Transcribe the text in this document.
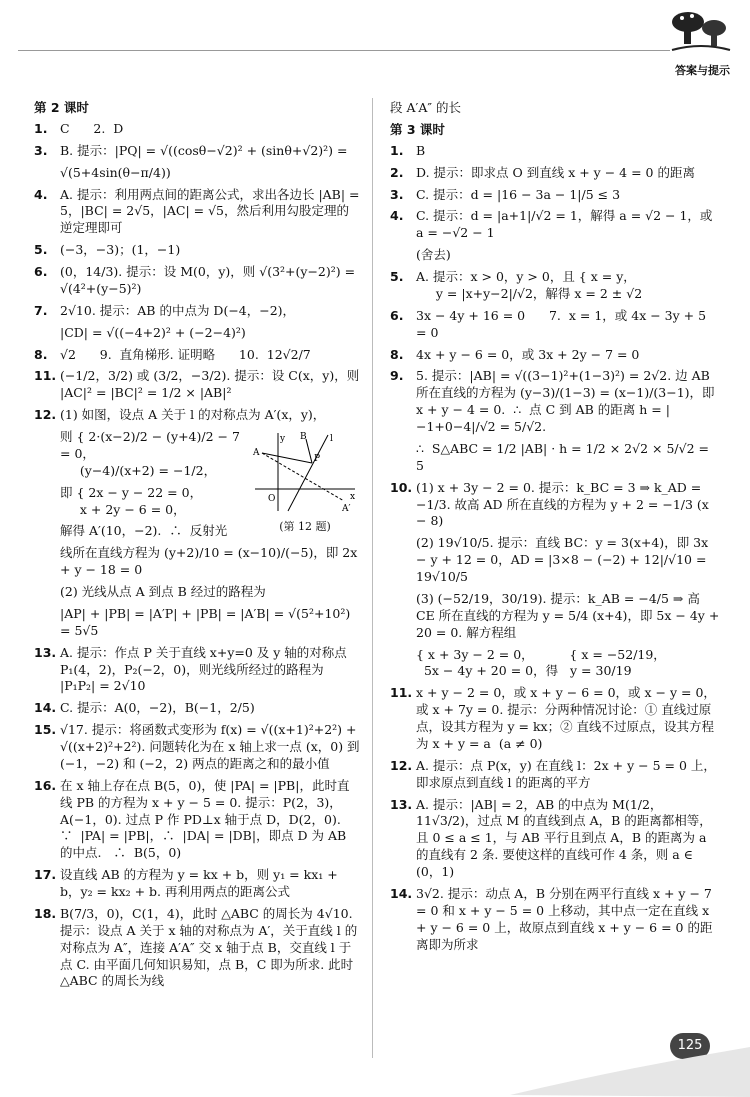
答案与提示
第 2 课时
1.	C      2.  D
3.	B. 提示：|PQ| = √((cosθ−√2)² + (sinθ+√2)²) =
√(5+4sin(θ−π/4))
4.	A. 提示：利用两点间的距离公式，求出各边长 |AB| = 5，|BC| = 2√5，|AC| = √5，然后利用勾股定理的逆定理即可
5.	(−3，−3)；(1，−1)
6.	(0，14/3). 提示：设 M(0，y)，则 √(3²+(y−2)²) = √(4²+(y−5)²)
7.	2√10. 提示：AB 的中点为 D(−4，−2)，
|CD| = √((−4+2)² + (−2−4)²)
8.	√2      9.  直角梯形. 证明略      10.  12√2/7
11. (−1/2，3/2) 或 (3/2，−3/2). 提示：设 C(x，y)，则 |AC|² = |BC|² = 1/2 × |AB|²
12. (1) 如图，设点 A 关于 l 的对称点为 A′(x，y)，
y
x
O
A
A′
B
P
l
(第 12 题)
则 { 2·(x−2)/2 − (y+4)/2 − 7 = 0，
(y−4)/(x+2) = −1/2，
即 { 2x − y − 22 = 0，
x + 2y − 6 = 0，
解得 A′(10，−2).  ∴  反射光
线所在直线方程为 (y+2)/10 = (x−10)/(−5)，即 2x + y − 18 = 0
(2) 光线从点 A 到点 B 经过的路程为
|AP| + |PB| = |A′P| + |PB| = |A′B| = √(5²+10²) = 5√5
13. A. 提示：作点 P 关于直线 x+y=0 及 y 轴的对称点 P₁(4，2)，P₂(−2，0)，则光线所经过的路程为 |P₁P₂| = 2√10
14. C. 提示：A(0，−2)，B(−1，2/5)
15. √17. 提示：将函数式变形为 f(x) = √((x+1)²+2²) + √((x+2)²+2²). 问题转化为在 x 轴上求一点 (x，0) 到 (−1，−2) 和 (−2，2) 两点的距离之和的最小值
16. 在 x 轴上存在点 B(5，0)，使 |PA| = |PB|，此时直线 PB 的方程为 x + y − 5 = 0. 提示：P(2，3)，A(−1，0). 过点 P 作 PD⊥x 轴于点 D，D(2，0).   ∵  |PA| = |PB|，∴  |DA| = |DB|，即点 D 为 AB 的中点.   ∴  B(5，0)
17. 设直线 AB 的方程为 y = kx + b，则 y₁ = kx₁ + b，y₂ = kx₂ + b. 再利用两点的距离公式
18. B(7/3，0)，C(1，4)，此时 △ABC 的周长为 4√10. 提示：设点 A 关于 x 轴的对称点为 A′，关于直线 l 的对称点为 A″，连接 A′A″ 交 x 轴于点 B，交直线 l 于点 C. 由平面几何知识易知，点 B，C 即为所求. 此时 △ABC 的周长为线
段 A′A″ 的长
第 3 课时
1.	B
2.	D. 提示：即求点 O 到直线 x + y − 4 = 0 的距离
3.	C. 提示：d = |16 − 3a − 1|/5 ≤ 3
4.	C. 提示：d = |a+1|/√2 = 1，解得 a = √2 − 1，或 a = −√2 − 1
(舍去)
5.	A. 提示：x > 0，y > 0，且 { x = y，
y = |x+y−2|/√2，解得 x = 2 ± √2
6.	3x − 4y + 16 = 0      7.  x = 1，或 4x − 3y + 5 = 0
8.	4x + y − 6 = 0，或 3x + 2y − 7 = 0
9.	5. 提示：|AB| = √((3−1)²+(1−3)²) = 2√2. 边 AB 所在直线的方程为 (y−3)/(1−3) = (x−1)/(3−1)，即 x + y − 4 = 0.  ∴  点 C 到 AB 的距离 h = |−1+0−4|/√2 = 5/√2.
∴  S△ABC = 1/2 |AB| · h = 1/2 × 2√2 × 5/√2 = 5
10. (1) x + 3y − 2 = 0. 提示：k_BC = 3 ⇒ k_AD = −1/3. 故高 AD 所在直线的方程为 y + 2 = −1/3 (x − 8)
(2) 19√10/5. 提示：直线 BC：y = 3(x+4)，即 3x − y + 12 = 0，AD = |3×8 − (−2) + 12|/√10 = 19√10/5
(3) (−52/19，30/19). 提示：k_AB = −4/5 ⇒ 高 CE 所在直线的方程为 y = 5/4 (x+4)，即 5x − 4y + 20 = 0. 解方程组
{ x + 3y − 2 = 0，         { x = −52/19，
5x − 4y + 20 = 0，得   y = 30/19
11. x + y − 2 = 0，或 x + y − 6 = 0，或 x − y = 0，或 x + 7y = 0. 提示：分两种情况讨论：① 直线过原点，设其方程为 y = kx；② 直线不过原点，设其方程为 x + y = a  (a ≠ 0)
12. A. 提示：点 P(x，y) 在直线 l：2x + y − 5 = 0 上，即求原点到直线 l 的距离的平方
13. A. 提示：|AB| = 2，AB 的中点为 M(1/2，11√3/2)，过点 M 的直线到点 A，B 的距离都相等，且 0 ≤ a ≤ 1，与 AB 平行且到点 A，B 的距离为 a 的直线有 2 条. 要使这样的直线可作 4 条，则 a ∈ (0，1)
14. 3√2. 提示：动点 A，B 分别在两平行直线 x + y − 7 = 0 和 x + y − 5 = 0 上移动，其中点一定在直线 x + y − 6 = 0 上，故原点到直线 x + y − 6 = 0 的距离即为所求
125
